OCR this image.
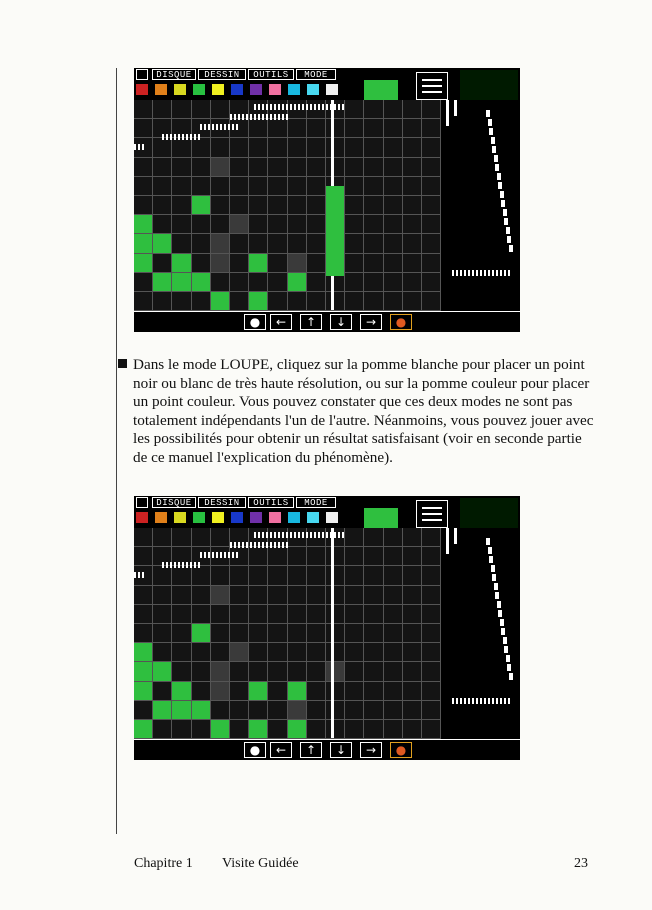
DISQUE	DESSIN	OUTILS	MODE
●	←	↑	↓	→	●
Dans le mode LOUPE, cliquez sur la pomme blanche pour placer un point noir ou blanc de très haute résolution, ou sur la pomme couleur pour placer un point couleur. Vous pouvez constater que ces deux modes ne sont pas totalement indépendants l'un de l'autre. Néanmoins, vous pouvez jouer avec les possibilités pour obtenir un résultat satisfaisant (voir en seconde partie de ce manuel l'explication du phénomène).
DISQUE	DESSIN	OUTILS	MODE
●	←	↑	↓	→	●
Chapitre 1 Visite Guidée	23
